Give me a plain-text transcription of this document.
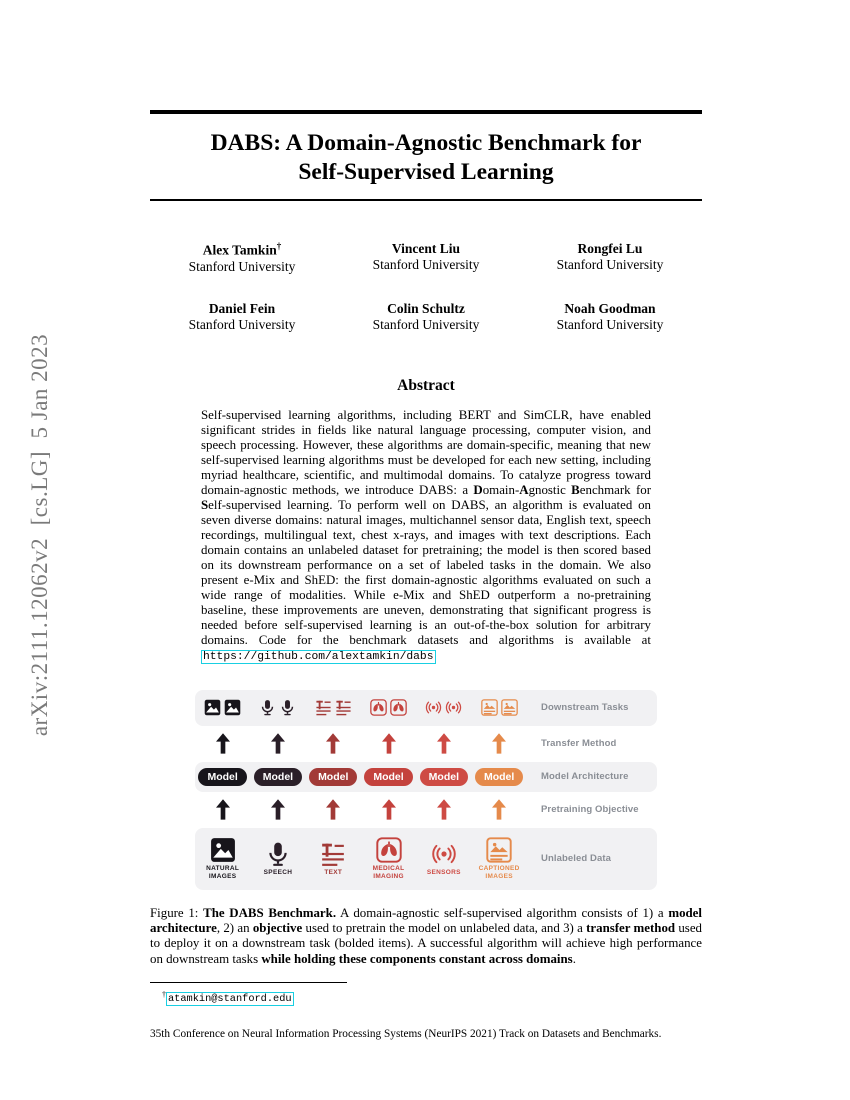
arXiv:2111.12062v2  [cs.LG]  5 Jan 2023
DABS: A Domain-Agnostic Benchmark for
Self-Supervised Learning
Alex Tamkin†
Stanford University
Vincent Liu
Stanford University
Rongfei Lu
Stanford University
Daniel Fein
Stanford University
Colin Schultz
Stanford University
Noah Goodman
Stanford University
Abstract
Self-supervised learning algorithms, including BERT and SimCLR, have enabled significant strides in fields like natural language processing, computer vision, and speech processing. However, these algorithms are domain-specific, meaning that new self-supervised learning algorithms must be developed for each new setting, including myriad healthcare, scientific, and multimodal domains. To catalyze progress toward domain-agnostic methods, we introduce DABS: a Domain-Agnostic Benchmark for Self-supervised learning. To perform well on DABS, an algorithm is evaluated on seven diverse domains: natural images, multichannel sensor data, English text, speech recordings, multilingual text, chest x-rays, and images with text descriptions. Each domain contains an unlabeled dataset for pretraining; the model is then scored based on its downstream performance on a set of labeled tasks in the domain. We also present e-Mix and ShED: the first domain-agnostic algorithms evaluated on such a wide range of modalities. While e-Mix and ShED outperform a no-pretraining baseline, these improvements are uneven, demonstrating that significant progress is needed before self-supervised learning is an out-of-the-box solution for arbitrary domains. Code for the benchmark datasets and algorithms is available at https://github.com/alextamkin/dabs
Downstream Tasks
Transfer Method
Model	Model	Model	Model	Model	Model	Model Architecture
Pretraining Objective
NATURAL IMAGES
SPEECH	TEXT
MEDICAL IMAGING
SENSORS
CAPTIONED IMAGES
Unlabeled Data
Figure 1: The DABS Benchmark. A domain-agnostic self-supervised algorithm consists of 1) a model architecture, 2) an objective used to pretrain the model on unlabeled data, and 3) a transfer method used to deploy it on a downstream task (bolded items). A successful algorithm will achieve high performance on downstream tasks while holding these components constant across domains.
† atamkin@stanford.edu
35th Conference on Neural Information Processing Systems (NeurIPS 2021) Track on Datasets and Benchmarks.
